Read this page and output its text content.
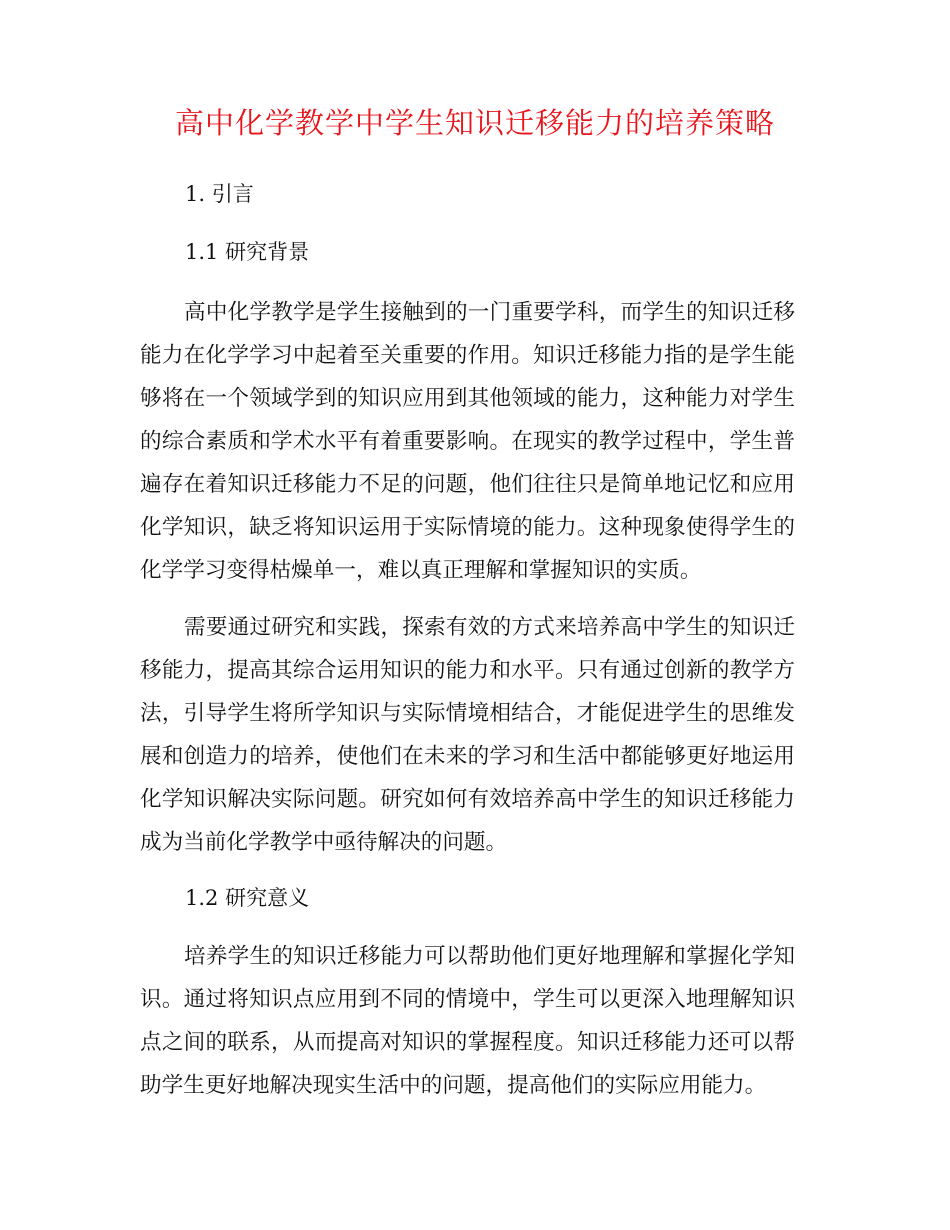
高中化学教学中学生知识迁移能力的培养策略
1. 引言
1.1 研究背景

高中化学教学是学生接触到的一门重要学科，而学生的知识迁移能力在化学学习中起着至关重要的作用。知识迁移能力指的是学生能够将在一个领域学到的知识应用到其他领域的能力，这种能力对学生的综合素质和学术水平有着重要影响。在现实的教学过程中，学生普遍存在着知识迁移能力不足的问题，他们往往只是简单地记忆和应用化学知识，缺乏将知识运用于实际情境的能力。这种现象使得学生的化学学习变得枯燥单一，难以真正理解和掌握知识的实质。

需要通过研究和实践，探索有效的方式来培养高中学生的知识迁移能力，提高其综合运用知识的能力和水平。只有通过创新的教学方法，引导学生将所学知识与实际情境相结合，才能促进学生的思维发展和创造力的培养，使他们在未来的学习和生活中都能够更好地运用化学知识解决实际问题。研究如何有效培养高中学生的知识迁移能力成为当前化学教学中亟待解决的问题。

1.2 研究意义

培养学生的知识迁移能力可以帮助他们更好地理解和掌握化学知识。通过将知识点应用到不同的情境中，学生可以更深入地理解知识点之间的联系，从而提高对知识的掌握程度。知识迁移能力还可以帮助学生更好地解决现实生活中的问题，提高他们的实际应用能力。
